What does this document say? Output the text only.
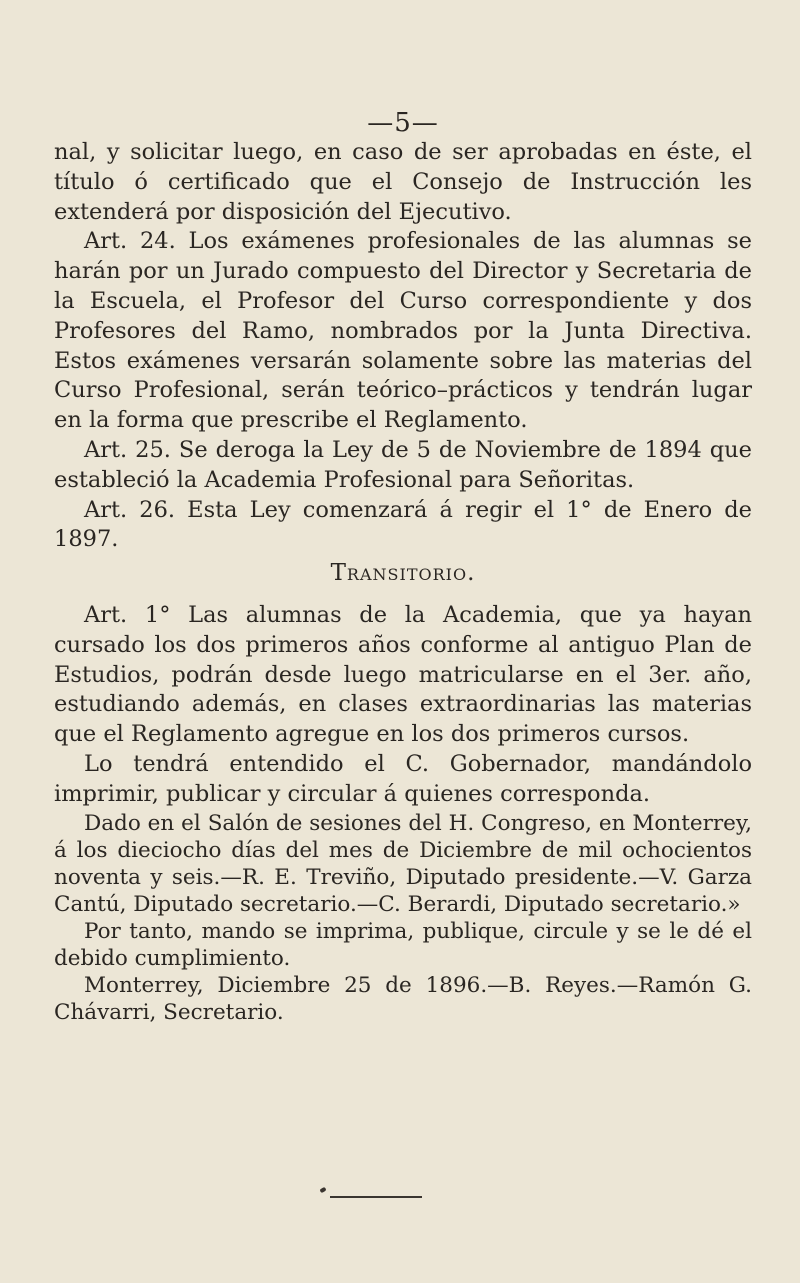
—5—

nal, y solicitar luego, en caso de ser aprobadas en éste, el título ó certificado que el Consejo de Instrucción les extenderá por disposición del Ejecutivo.

Art. 24. Los exámenes profesionales de las alumnas se harán por un Jurado compuesto del Director y Secretaria de la Escuela, el Profesor del Curso correspondiente y dos Profesores del Ramo, nombrados por la Junta Directiva. Estos exámenes versarán solamente sobre las materias del Curso Profesional, serán teórico–prácticos y tendrán lugar en la forma que prescribe el Reglamento.

Art. 25. Se deroga la Ley de 5 de Noviembre de 1894 que estableció la Academia Profesional para Señoritas.

Art. 26. Esta Ley comenzará á regir el 1° de Enero de 1897.

Transitorio.

Art. 1° Las alumnas de la Academia, que ya hayan cursado los dos primeros años conforme al antiguo Plan de Estudios, podrán desde luego matricularse en el 3er. año, estudiando además, en clases extraordinarias las materias que el Reglamento agregue en los dos primeros cursos.

Lo tendrá entendido el C. Gobernador, mandándolo imprimir, publicar y circular á quienes corresponda.

Dado en el Salón de sesiones del H. Congreso, en Monterrey, á los dieciocho días del mes de Diciembre de mil ochocientos noventa y seis.—R. E. Treviño, Diputado presidente.—V. Garza Cantú, Diputado secretario.—C. Berardi, Diputado secretario.»

Por tanto, mando se imprima, publique, circule y se le dé el debido cumplimiento.

Monterrey, Diciembre 25 de 1896.—B. Reyes.—Ramón G. Chávarri, Secretario.
